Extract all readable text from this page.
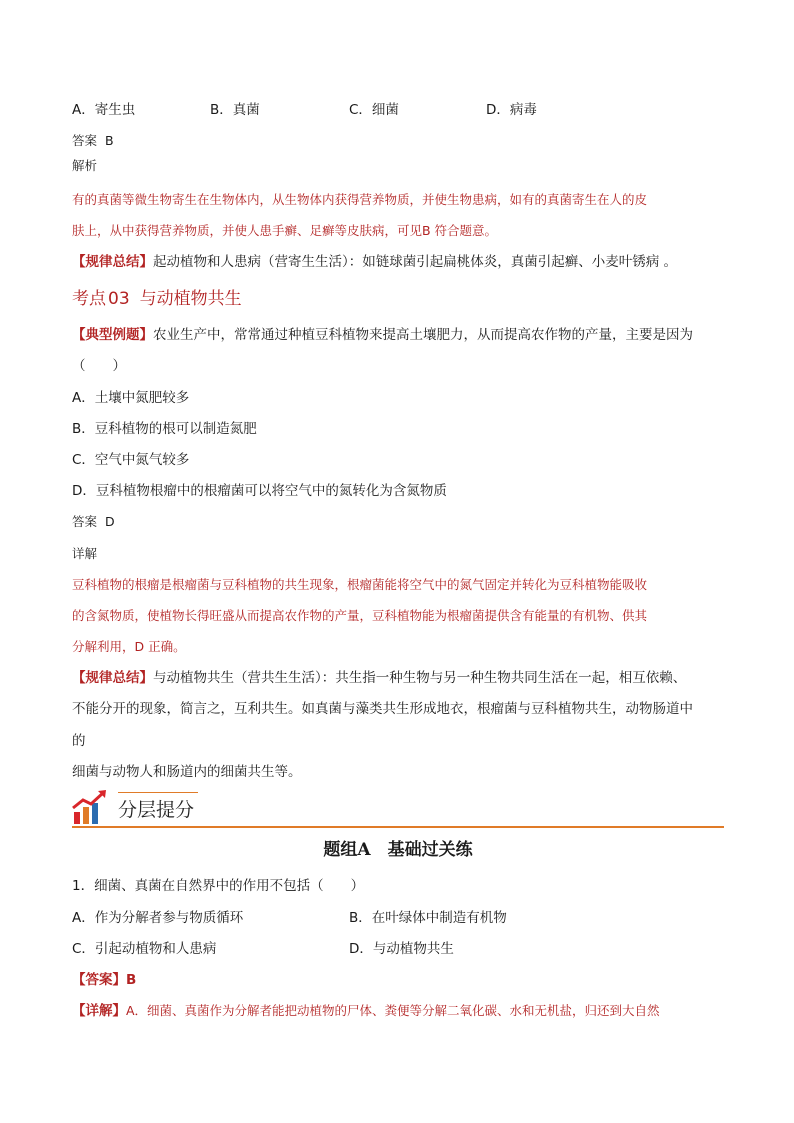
A．寄生虫	B．真菌	C．细菌	D．病毒
答案 B
解析
有的真菌等微生物寄生在生物体内，从生物体内获得营养物质，并使生物患病，如有的真菌寄生在人的皮
肤上，从中获得营养物质，并使人患手癣、足癣等皮肤病，可见B 符合题意。
【规律总结】起动植物和人患病（营寄生生活）：如链球菌引起扁桃体炎，真菌引起癣、小麦叶锈病 。
考点 03 与动植物共生
【典型例题】农业生产中，常常通过种植豆科植物来提高土壤肥力，从而提高农作物的产量，主要是因为
（　　）
A．土壤中氮肥较多
B．豆科植物的根可以制造氮肥
C．空气中氮气较多
D．豆科植物根瘤中的根瘤菌可以将空气中的氮转化为含氮物质
答案 D
详解
豆科植物的根瘤是根瘤菌与豆科植物的共生现象，根瘤菌能将空气中的氮气固定并转化为豆科植物能吸收
的含氮物质，使植物长得旺盛从而提高农作物的产量，豆科植物能为根瘤菌提供含有能量的有机物、供其
分解利用，D 正确。
【规律总结】与动植物共生（营共生生活）：共生指一种生物与另一种生物共同生活在一起，相互依赖、
不能分开的现象，简言之，互利共生。如真菌与藻类共生形成地衣，根瘤菌与豆科植物共生，动物肠道中
的
细菌与动物人和肠道内的细菌共生等。
分层提分
题组A　基础过关练
1．细菌、真菌在自然界中的作用不包括（　　）
A．作为分解者参与物质循环	B．在叶绿体中制造有机物
C．引起动植物和人患病	D．与动植物共生
【答案】B
【详解】A．细菌、真菌作为分解者能把动植物的尸体、粪便等分解二氧化碳、水和无机盐，归还到大自然
